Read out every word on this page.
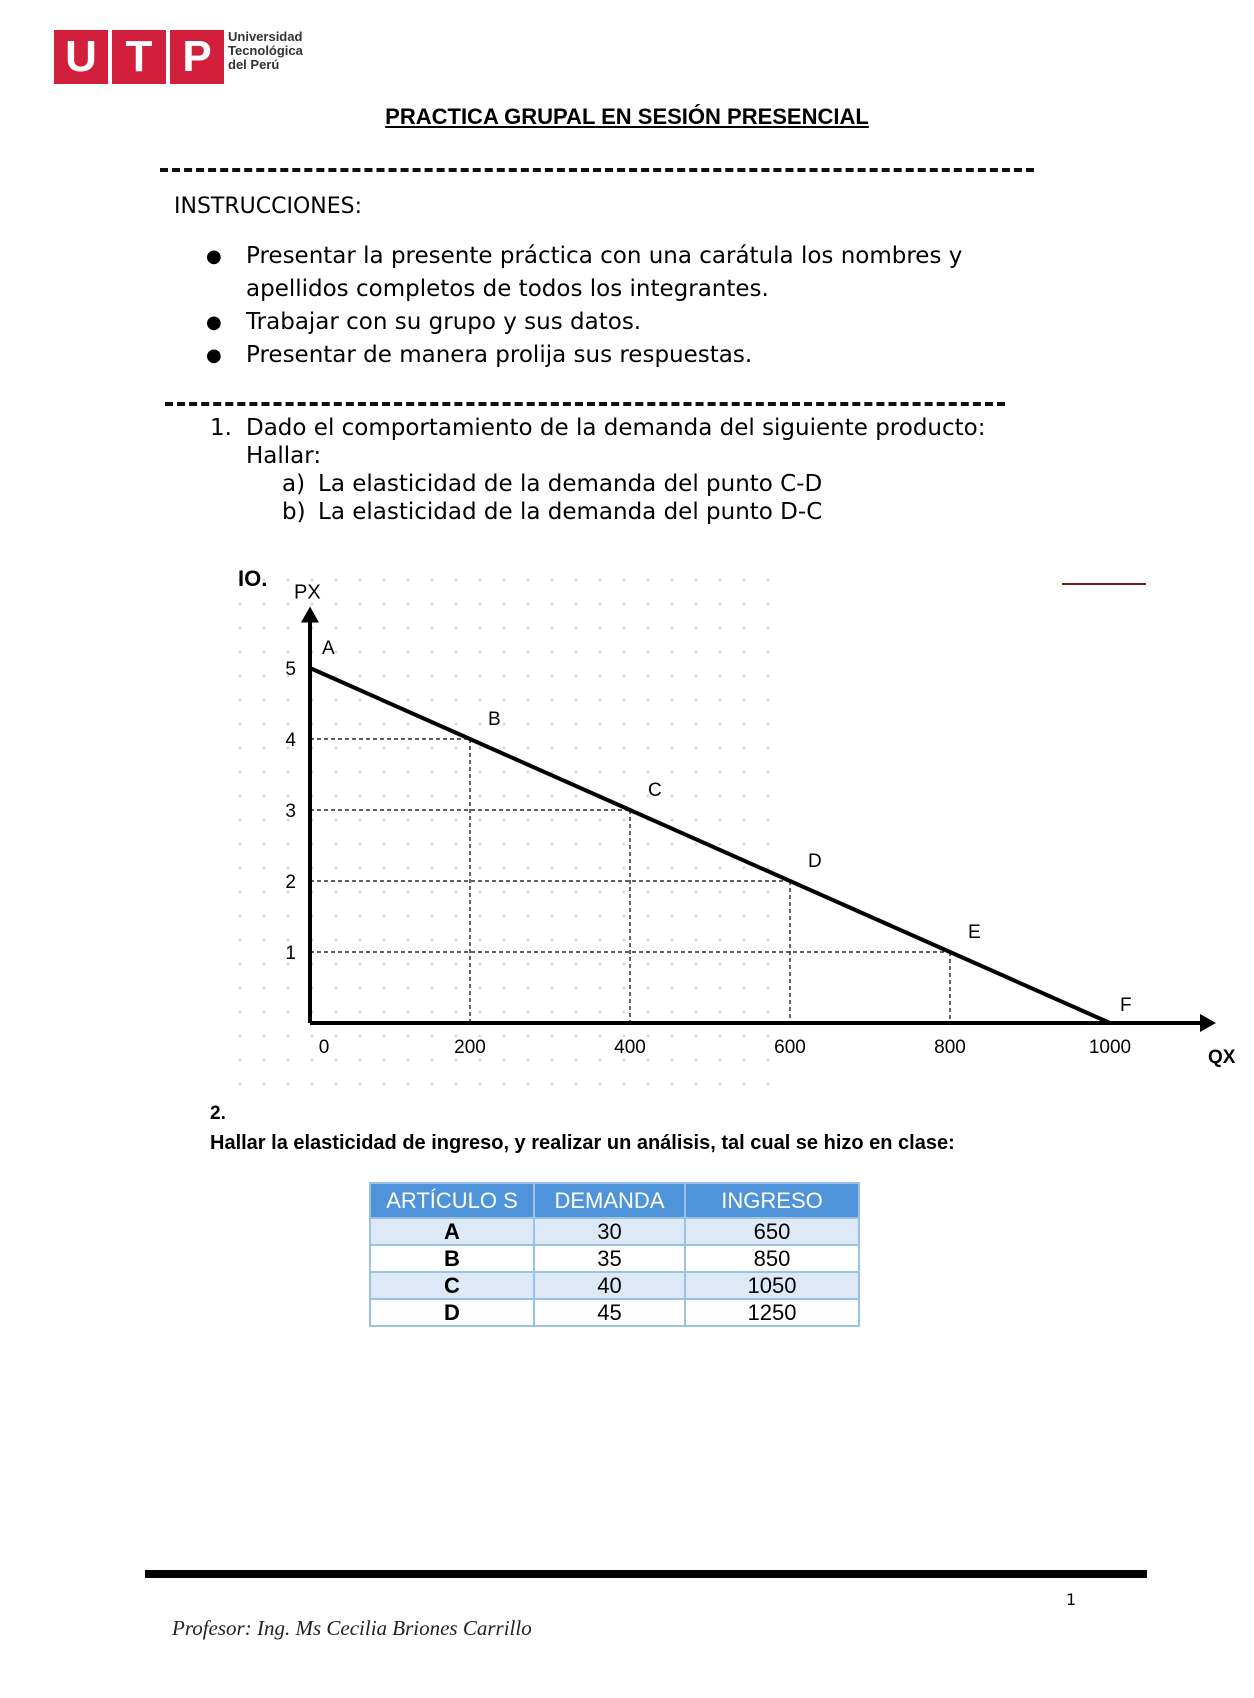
U T P	Universidad
Tecnológica
del Perú
PRACTICA GRUPAL EN SESIÓN PRESENCIAL
INSTRUCCIONES:
●	Presentar la presente práctica con una carátula los nombres y apellidos completos de todos los integrantes.
●	Trabajar con su grupo y sus datos.
●	Presentar de manera prolija sus respuestas.
1. Dado el comportamiento de la demanda del siguiente producto:
Hallar:
a) La elasticidad de la demanda del punto C-D
b) La elasticidad de la demanda del punto D-C
IO.
PX
QX
0	200	400	600	800	1000
1
2
3
4
5
A
B
C
D
E
F
2.
Hallar la elasticidad de ingreso, y realizar un análisis, tal cual se hizo en clase:
ARTÍCULO S	DEMANDA	INGRESO
A	30	650
B	35	850
C	40	1050
D	45	1250
1
Profesor: Ing. Ms Cecilia Briones Carrillo
